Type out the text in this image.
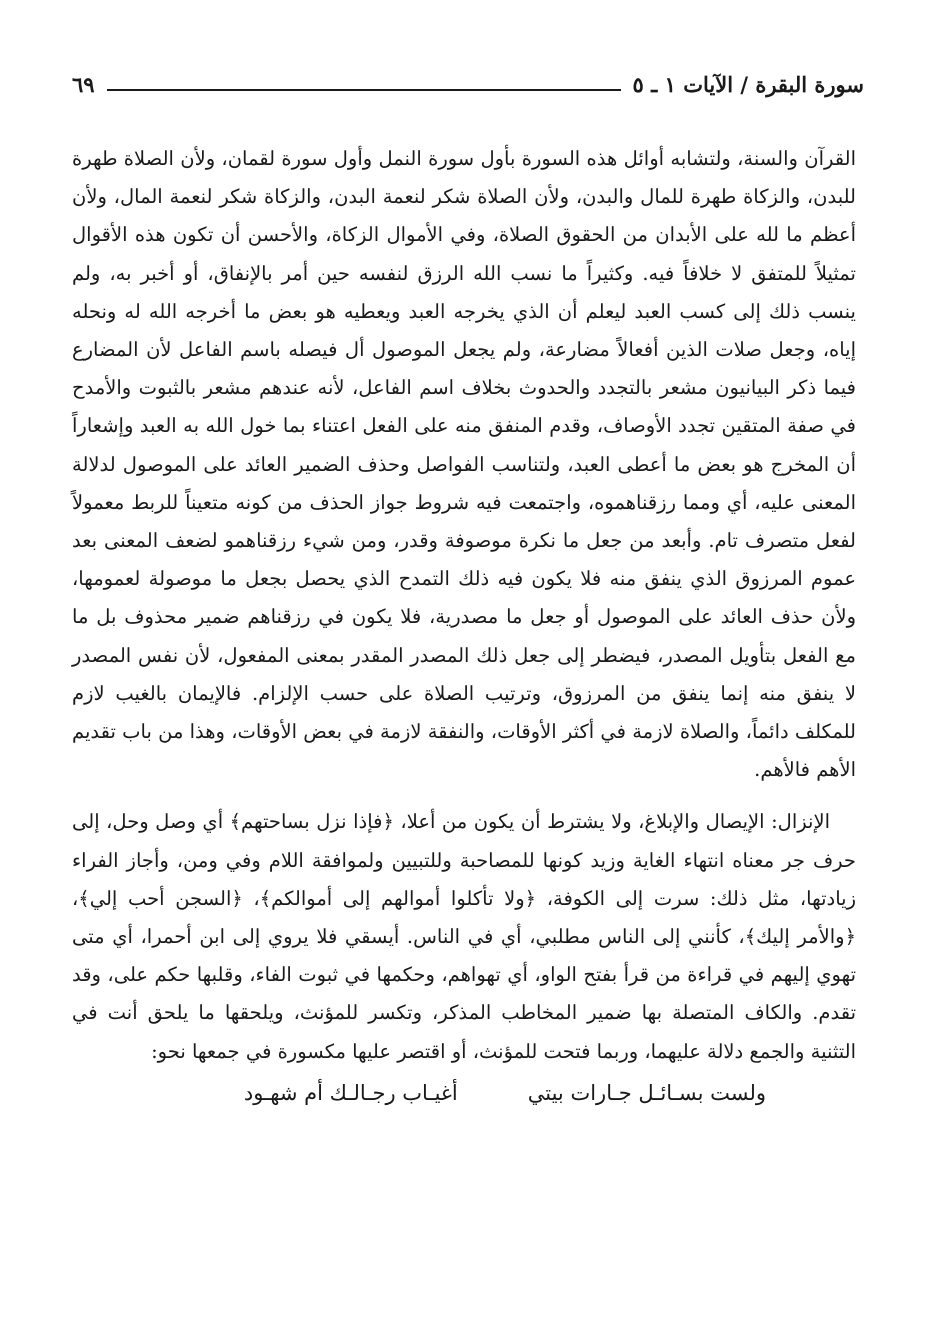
سورة البقرة / الآيات ١ ـ ٥
٦٩

القرآن والسنة، ولتشابه أوائل هذه السورة بأول سورة النمل وأول سورة لقمان، ولأن الصلاة طهرة للبدن، والزكاة طهرة للمال والبدن، ولأن الصلاة شكر لنعمة البدن، والزكاة شكر لنعمة المال، ولأن أعظم ما لله على الأبدان من الحقوق الصلاة، وفي الأموال الزكاة، والأحسن أن تكون هذه الأقوال تمثيلاً للمتفق لا خلافاً فيه. وكثيراً ما نسب الله الرزق لنفسه حين أمر بالإنفاق، أو أخبر به، ولم ينسب ذلك إلى كسب العبد ليعلم أن الذي يخرجه العبد ويعطيه هو بعض ما أخرجه الله له ونحله إياه، وجعل صلات الذين أفعالاً مضارعة، ولم يجعل الموصول أل فيصله باسم الفاعل لأن المضارع فيما ذكر البيانيون مشعر بالتجدد والحدوث بخلاف اسم الفاعل، لأنه عندهم مشعر بالثبوت والأمدح في صفة المتقين تجدد الأوصاف، وقدم المنفق منه على الفعل اعتناء بما خول الله به العبد وإشعاراً أن المخرج هو بعض ما أعطى العبد، ولتناسب الفواصل وحذف الضمير العائد على الموصول لدلالة المعنى عليه، أي ومما رزقناهموه، واجتمعت فيه شروط جواز الحذف من كونه متعيناً للربط معمولاً لفعل متصرف تام. وأبعد من جعل ما نكرة موصوفة وقدر، ومن شيء رزقناهمو لضعف المعنى بعد عموم المرزوق الذي ينفق منه فلا يكون فيه ذلك التمدح الذي يحصل بجعل ما موصولة لعمومها، ولأن حذف العائد على الموصول أو جعل ما مصدرية، فلا يكون في رزقناهم ضمير محذوف بل ما مع الفعل بتأويل المصدر، فيضطر إلى جعل ذلك المصدر المقدر بمعنى المفعول، لأن نفس المصدر لا ينفق منه إنما ينفق من المرزوق، وترتيب الصلاة على حسب الإلزام. فالإيمان بالغيب لازم للمكلف دائماً، والصلاة لازمة في أكثر الأوقات، والنفقة لازمة في بعض الأوقات، وهذا من باب تقديم الأهم فالأهم.

الإنزال: الإيصال والإبلاغ، ولا يشترط أن يكون من أعلا، ﴿فإذا نزل بساحتهم﴾ أي وصل وحل، إلى حرف جر معناه انتهاء الغاية وزيد كونها للمصاحبة وللتبيين ولموافقة اللام وفي ومن، وأجاز الفراء زيادتها، مثل ذلك: سرت إلى الكوفة، ﴿ولا تأكلوا أموالهم إلى أموالكم﴾، ﴿السجن أحب إلي﴾، ﴿والأمر إليك﴾، كأنني إلى الناس مطلبي، أي في الناس. أيسقي فلا يروي إلى ابن أحمرا، أي متى تهوي إليهم في قراءة من قرأ بفتح الواو، أي تهواهم، وحكمها في ثبوت الفاء، وقلبها حكم على، وقد تقدم. والكاف المتصلة بها ضمير المخاطب المذكر، وتكسر للمؤنث، ويلحقها ما يلحق أنت في التثنية والجمع دلالة عليهما، وربما فتحت للمؤنث، أو اقتصر عليها مكسورة في جمعها نحو:

ولست بسـائـل جـارات بيتي
أغيـاب رجـالـك أم شهـود
